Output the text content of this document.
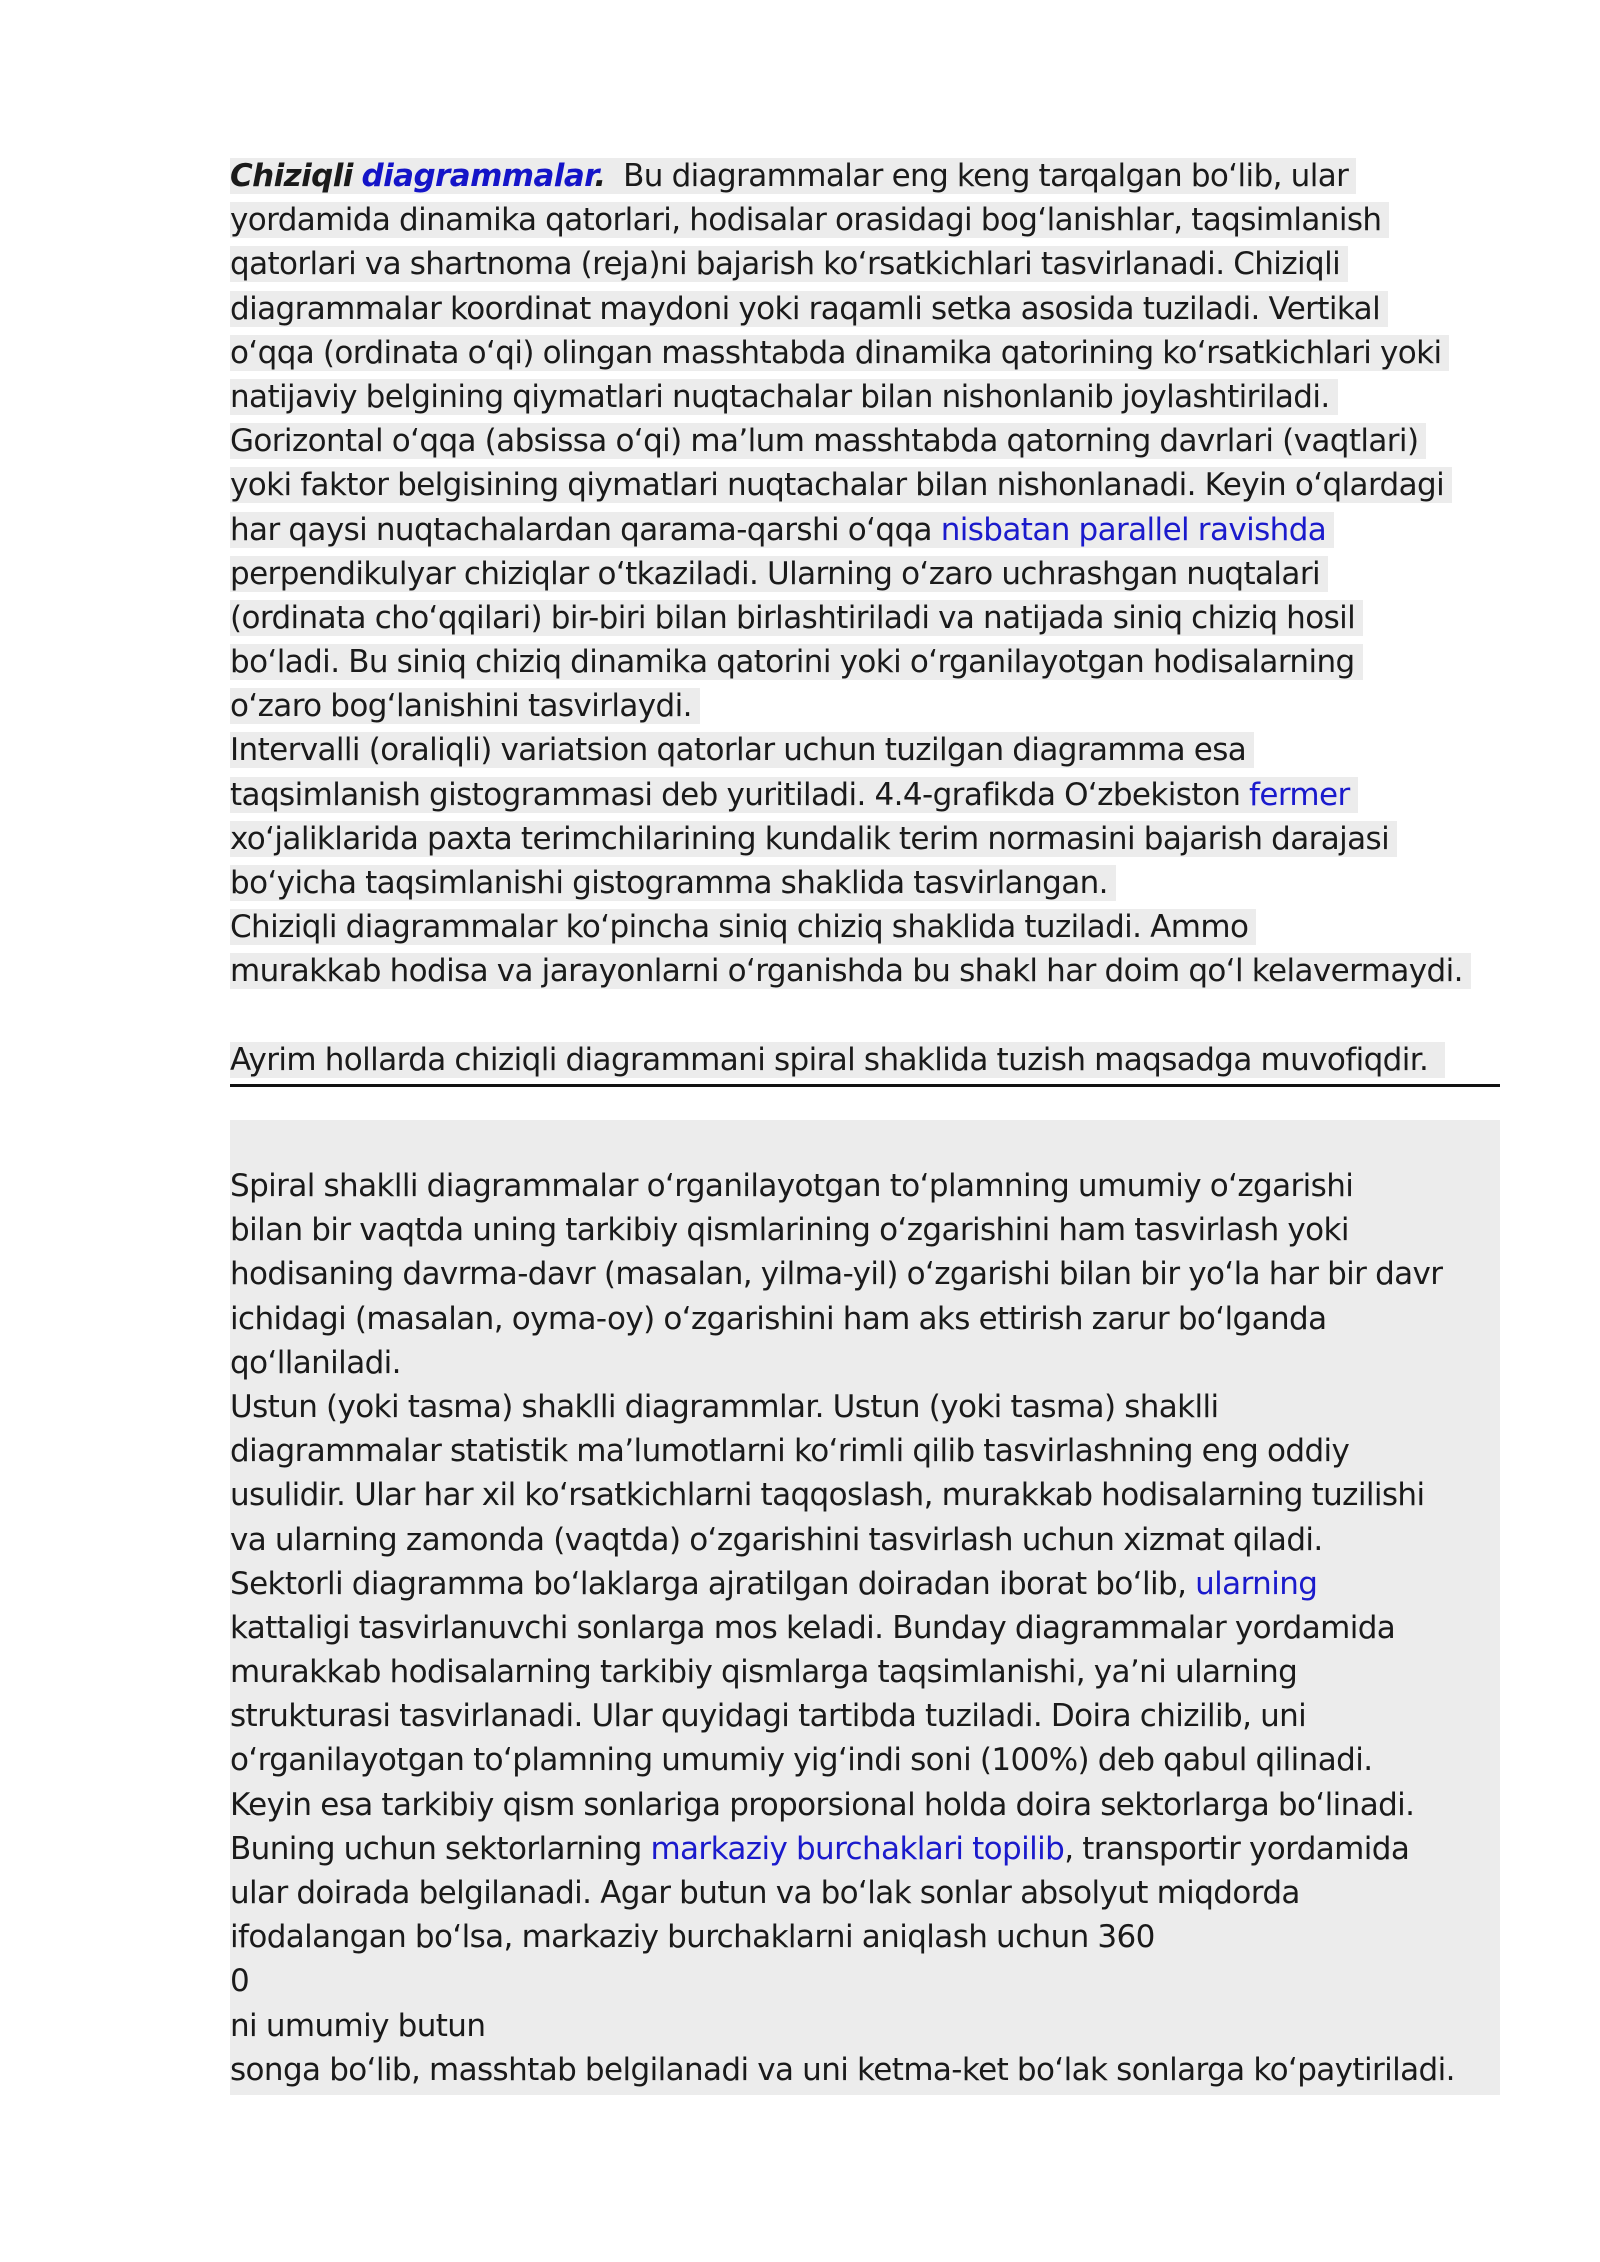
Chiziqli diagrammalar.  Bu diagrammalar eng keng tarqalgan boʻlib, ular
yordamida dinamika qatorlari, hodisalar orasidagi bogʻlanishlar, taqsimlanish
qatorlari va shartnoma (reja)ni bajarish koʻrsatkichlari tasvirlanadi. Chiziqli
diagrammalar koordinat maydoni yoki raqamli setka asosida tuziladi. Vertikal
oʻqqa (ordinata oʻqi) olingan masshtabda dinamika qatorining koʻrsatkichlari yoki
natijaviy belgining qiymatlari nuqtachalar bilan nishonlanib joylashtiriladi.
Gorizontal oʻqqa (absissa oʻqi) maʼlum masshtabda qatorning davrlari (vaqtlari)
yoki faktor belgisining qiymatlari nuqtachalar bilan nishonlanadi. Keyin oʻqlardagi
har qaysi nuqtachalardan qarama-qarshi oʻqqa nisbatan parallel ravishda
perpendikulyar chiziqlar oʻtkaziladi. Ularning oʻzaro uchrashgan nuqtalari
(ordinata choʻqqilari) bir-biri bilan birlashtiriladi va natijada siniq chiziq hosil
boʻladi. Bu siniq chiziq dinamika qatorini yoki oʻrganilayotgan hodisalarning
oʻzaro bogʻlanishini tasvirlaydi.
Intervalli (oraliqli) variatsion qatorlar uchun tuzilgan diagramma esa
taqsimlanish gistogrammasi deb yuritiladi. 4.4-grafikda Oʻzbekiston fermer
xoʻjaliklarida paxta terimchilarining kundalik terim normasini bajarish darajasi
boʻyicha taqsimlanishi gistogramma shaklida tasvirlangan.
Chiziqli diagrammalar koʻpincha siniq chiziq shaklida tuziladi. Ammo
murakkab hodisa va jarayonlarni oʻrganishda bu shakl har doim qoʻl kelavermaydi.
Ayrim hollarda chiziqli diagrammani spiral shaklida tuzish maqsadga muvofiqdir.
Spiral shaklli diagrammalar oʻrganilayotgan toʻplamning umumiy oʻzgarishi
bilan bir vaqtda uning tarkibiy qismlarining oʻzgarishini ham tasvirlash yoki
hodisaning davrma-davr (masalan, yilma-yil) oʻzgarishi bilan bir yoʻla har bir davr
ichidagi (masalan, oyma-oy) oʻzgarishini ham aks ettirish zarur boʻlganda
qoʻllaniladi.
Ustun (yoki tasma) shaklli diagrammlar. Ustun (yoki tasma) shaklli
diagrammalar statistik maʼlumotlarni koʻrimli qilib tasvirlashning eng oddiy
usulidir. Ular har xil koʻrsatkichlarni taqqoslash, murakkab hodisalarning tuzilishi
va ularning zamonda (vaqtda) oʻzgarishini tasvirlash uchun xizmat qiladi.
Sektorli diagramma boʻlaklarga ajratilgan doiradan iborat boʻlib, ularning
kattaligi tasvirlanuvchi sonlarga mos keladi. Bunday diagrammalar yordamida
murakkab hodisalarning tarkibiy qismlarga taqsimlanishi, yaʼni ularning
strukturasi tasvirlanadi. Ular quyidagi tartibda tuziladi. Doira chizilib, uni
oʻrganilayotgan toʻplamning umumiy yigʻindi soni (100%) deb qabul qilinadi.
Keyin esa tarkibiy qism sonlariga proporsional holda doira sektorlarga boʻlinadi.
Buning uchun sektorlarning markaziy burchaklari topilib, transportir yordamida
ular doirada belgilanadi. Agar butun va boʻlak sonlar absolyut miqdorda
ifodalangan boʻlsa, markaziy burchaklarni aniqlash uchun 360
0
ni umumiy butun
songa boʻlib, masshtab belgilanadi va uni ketma-ket boʻlak sonlarga koʻpaytiriladi.
